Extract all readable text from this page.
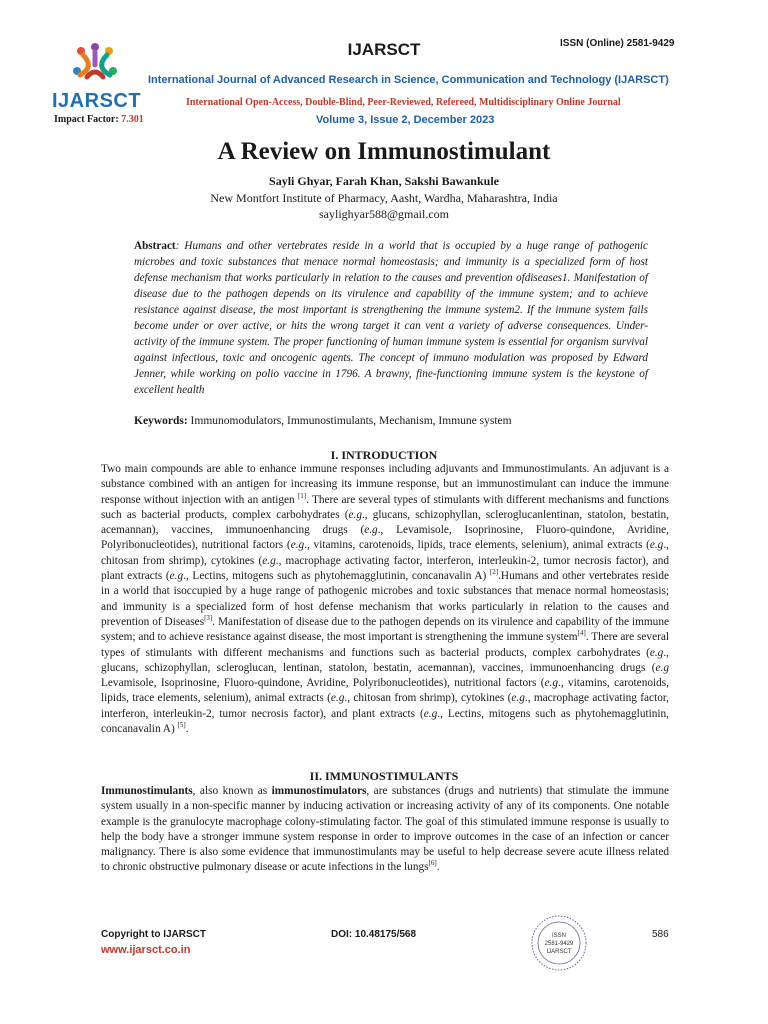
IJARSCT
Impact Factor: 7.301
IJARSCT	ISSN (Online) 2581-9429
International Journal of Advanced Research in Science, Communication and Technology (IJARSCT)
International Open-Access, Double-Blind, Peer-Reviewed, Refereed, Multidisciplinary Online Journal
Volume 3, Issue 2, December 2023
A Review on Immunostimulant
Sayli Ghyar, Farah Khan, Sakshi Bawankule
New Montfort Institute of Pharmacy, Aasht, Wardha, Maharashtra, India
saylighyar588@gmail.com
Abstract: Humans and other vertebrates reside in a world that is occupied by a huge range of pathogenic microbes and toxic substances that menace normal homeostasis; and immunity is a specialized form of host defense mechanism that works particularly in relation to the causes and prevention ofdiseases1. Manifestation of disease due to the pathogen depends on its virulence and capability of the immune system; and to achieve resistance against disease, the most important is strengthening the immune system2. If the immune system fails become under or over active, or hits the wrong target it can vent a variety of adverse consequences. Under-activity of the immune system. The proper functioning of human immune system is essential for organism survival against infectious, toxic and oncogenic agents. The concept of immuno modulation was proposed by Edward Jenner, while working on polio vaccine in 1796. A brawny, fine-functioning immune system is the keystone of excellent health
Keywords: Immunomodulators, Immunostimulants, Mechanism, Immune system
I. INTRODUCTION
Two main compounds are able to enhance immune responses including adjuvants and Immunostimulants. An adjuvant is a substance combined with an antigen for increasing its immune response, but an immunostimulant can induce the immune response without injection with an antigen [1]. There are several types of stimulants with different mechanisms and functions such as bacterial products, complex carbohydrates (e.g., glucans, schizophyllan, scleroglucanlentinan, statolon, bestatin, acemannan), vaccines, immunoenhancing drugs (e.g., Levamisole, Isoprinosine, Fluoro-quindone, Avridine, Polyribonucleotides), nutritional factors (e.g., vitamins, carotenoids, lipids, trace elements, selenium), animal extracts (e.g., chitosan from shrimp), cytokines (e.g., macrophage activating factor, interferon, interleukin-2, tumor necrosis factor), and plant extracts (e.g., Lectins, mitogens such as phytohemagglutinin, concanavalin A) [2].Humans and other vertebrates reside in a world that isoccupied by a huge range of pathogenic microbes and toxic substances that menace normal homeostasis; and immunity is a specialized form of host defense mechanism that works particularly in relation to the causes and prevention of Diseases[3]. Manifestation of disease due to the pathogen depends on its virulence and capability of the immune system; and to achieve resistance against disease, the most important is strengthening the immune system[4]. There are several types of stimulants with different mechanisms and functions such as bacterial products, complex carbohydrates (e.g., glucans, schizophyllan, scleroglucan, lentinan, statolon, bestatin, acemannan), vaccines, immunoenhancing drugs (e.g Levamisole, Isoprinosine, Fluoro-quindone, Avridine, Polyribonucleotides), nutritional factors (e.g., vitamins, carotenoids, lipids, trace elements, selenium), animal extracts (e.g., chitosan from shrimp), cytokines (e.g., macrophage activating factor, interferon, interleukin-2, tumor necrosis factor), and plant extracts (e.g., Lectins, mitogens such as phytohemagglutinin, concanavalin A) [5].
II. IMMUNOSTIMULANTS
Immunostimulants, also known as immunostimulators, are substances (drugs and nutrients) that stimulate the immune system usually in a non-specific manner by inducing activation or increasing activity of any of its components. One notable example is the granulocyte macrophage colony-stimulating factor. The goal of this stimulated immune response is usually to help the body have a stronger immune system response in order to improve outcomes in the case of an infection or cancer malignancy. There is also some evidence that immunostimulants may be useful to help decrease severe acute illness related to chronic obstructive pulmonary disease or acute infections in the lungs[6].
Copyright to IJARSCT
www.ijarsct.co.in
DOI: 10.48175/568	586
ISSN
2581-9429
IJARSCT
